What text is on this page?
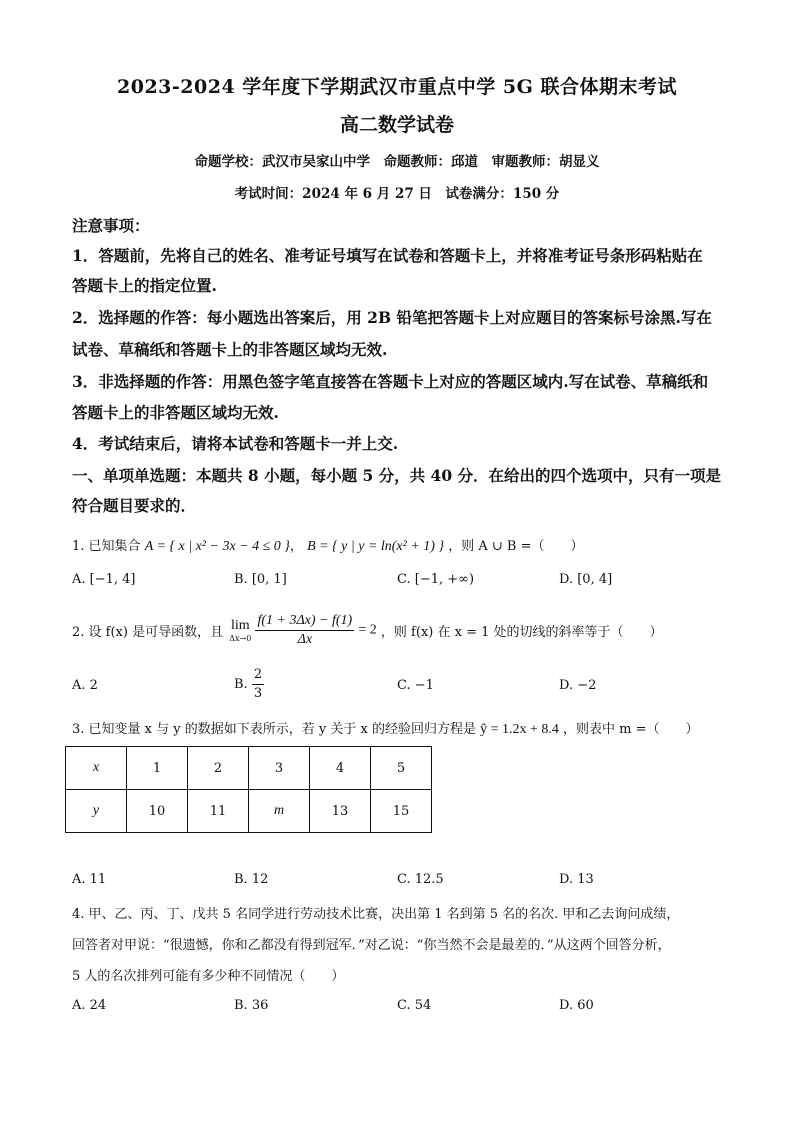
2023-2024 学年度下学期武汉市重点中学 5G 联合体期末考试
高二数学试卷
命题学校：武汉市吴家山中学　命题教师：邱道　审题教师：胡显义
考试时间：2024 年 6 月 27 日　试卷满分：150 分
注意事项：
1．答题前，先将自己的姓名、准考证号填写在试卷和答题卡上，并将准考证号条形码粘贴在
答题卡上的指定位置.
2．选择题的作答：每小题选出答案后，用 2B 铅笔把答题卡上对应题目的答案标号涂黑.写在
试卷、草稿纸和答题卡上的非答题区域均无效.
3．非选择题的作答：用黑色签字笔直接答在答题卡上对应的答题区域内.写在试卷、草稿纸和
答题卡上的非答题区域均无效.
4．考试结束后，请将本试卷和答题卡一并上交.
一、单项单选题：本题共 8 小题，每小题 5 分，共 40 分．在给出的四个选项中，只有一项是
符合题目要求的．
1. 已知集合 A = { x | x² − 3x − 4 ≤ 0 }， B = { y | y = ln(x² + 1) } ，则 A ∪ B =（　　）
A. [−1, 4]	B. [0, 1]	C. [−1, +∞)	D. [0, 4]
2. 设 f(x) 是可导函数，且 lim
Δx→0
$\frac{f(1 + 3\Delta x) - f(1)}{\Delta x} = 2$ ，则 f(x) 在 x = 1 处的切线的斜率等于（　　）
A. 2	B. $\frac{2}{3}$	C. −1	D. −2
3. 已知变量 x 与 y 的数据如下表所示，若 y 关于 x 的经验回归方程是 ŷ = 1.2x + 8.4 ，则表中 m =（　　）
x	1	2	3	4	5
y	10	11	m	13	15
A. 11	B. 12	C. 12.5	D. 13
4. 甲、乙、丙、丁、戊共 5 名同学进行劳动技术比赛，决出第 1 名到第 5 名的名次. 甲和乙去询问成绩，
回答者对甲说：“很遗憾，你和乙都没有得到冠军．”对乙说：“你当然不会是最差的．”从这两个回答分析，
5 人的名次排列可能有多少种不同情况（　　）
A. 24	B. 36	C. 54	D. 60
